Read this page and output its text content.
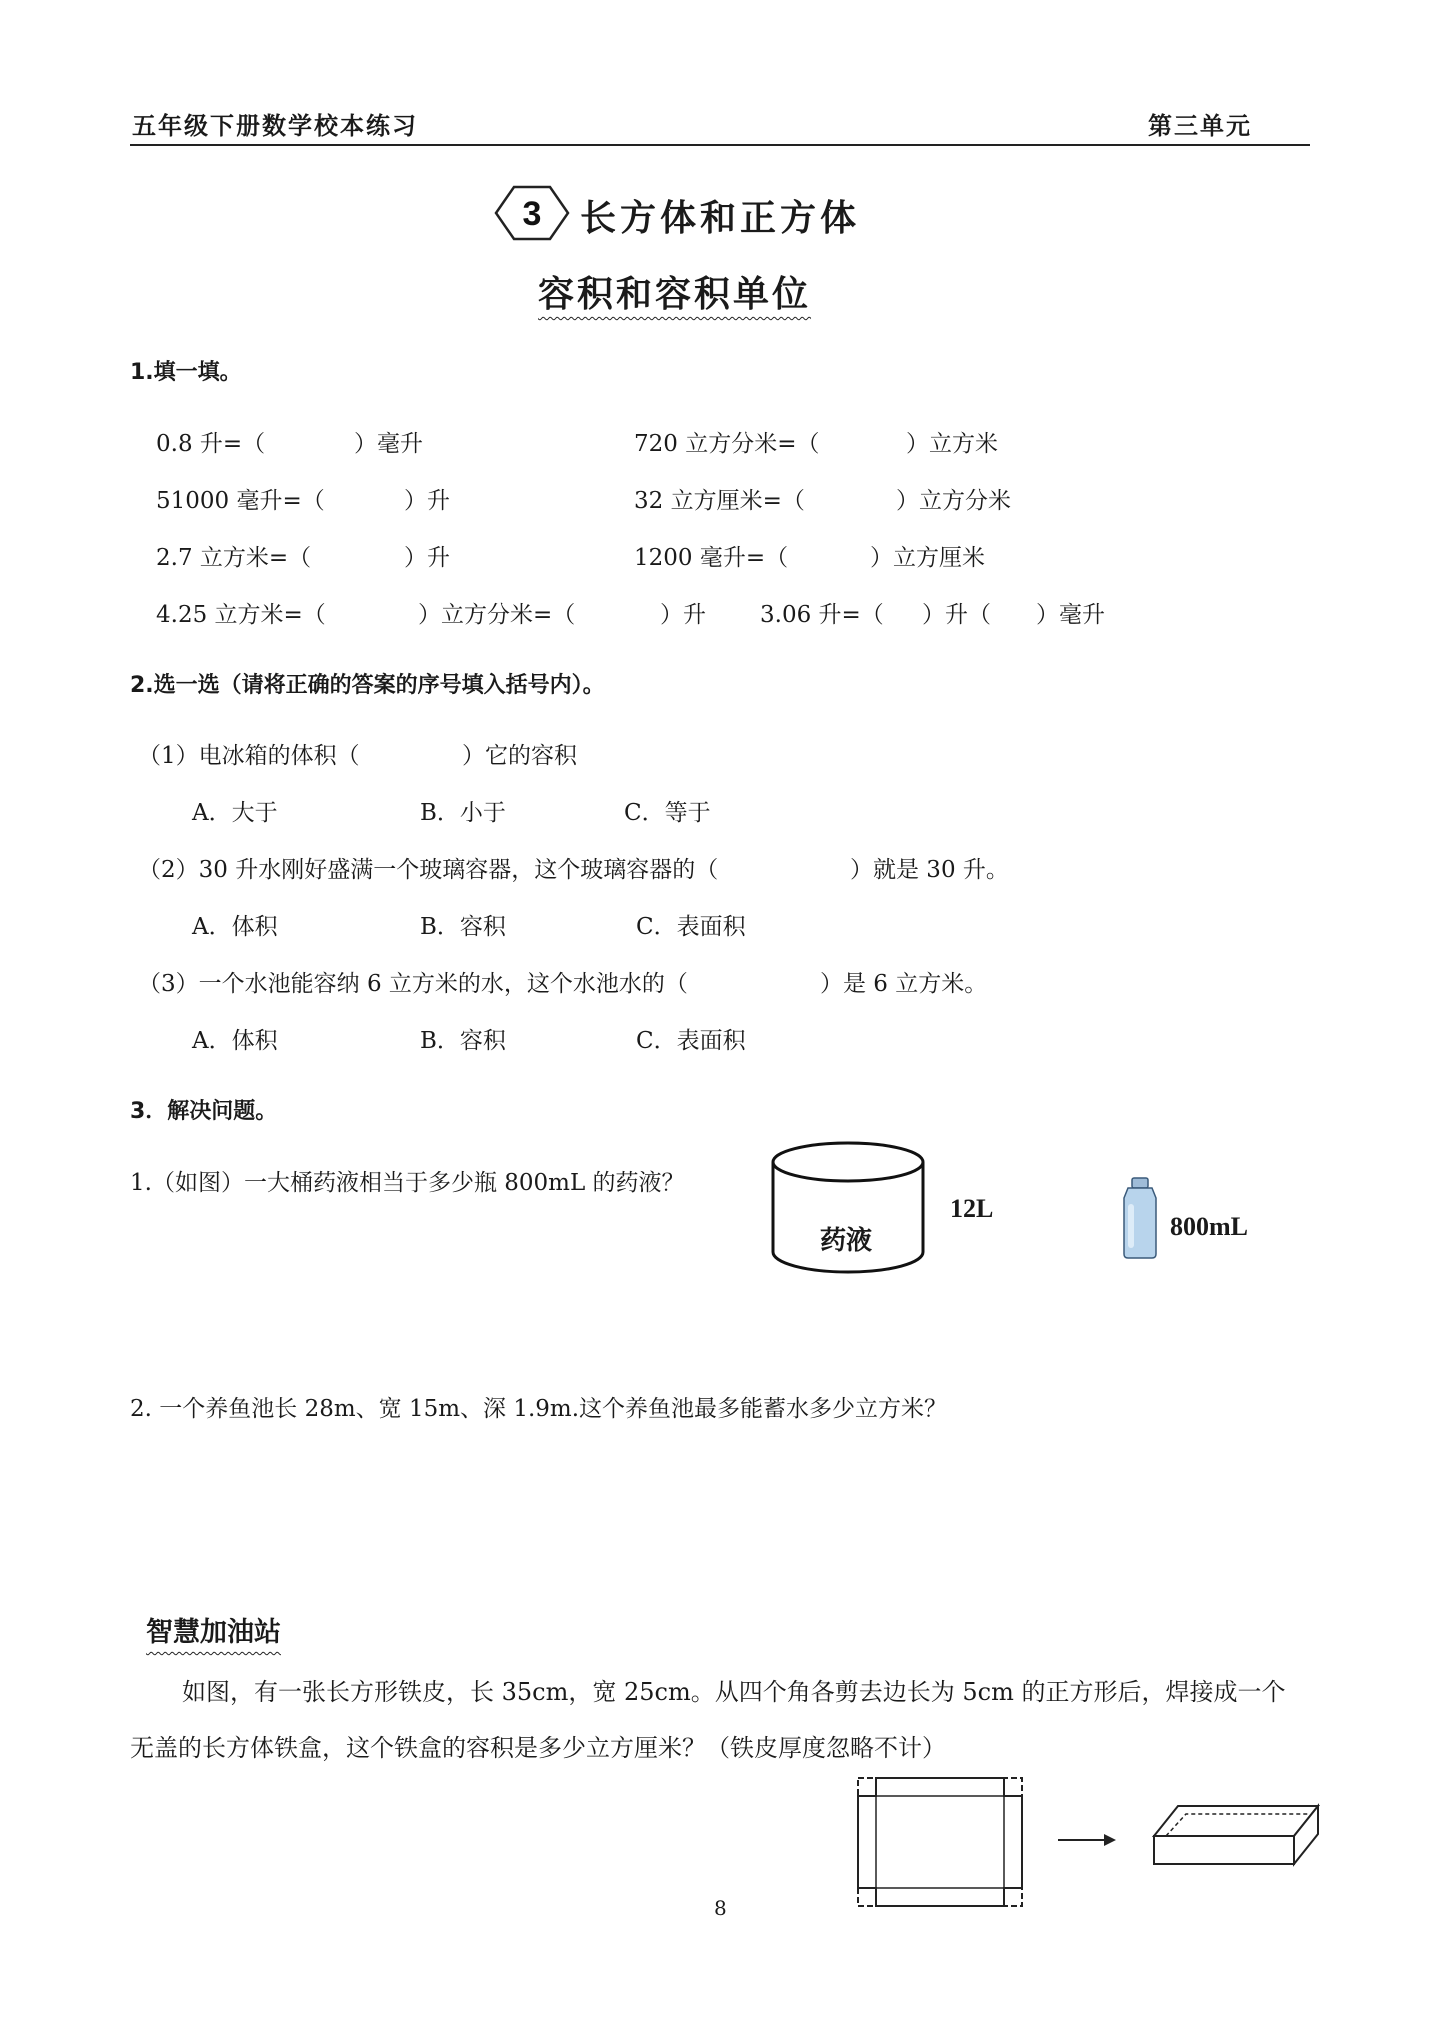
五年级下册数学校本练习	第三单元
3 长方体和正方体
容积和容积单位
1.填一填。
0.8 升=（	）毫升	720 立方分米=（	）立方米
51000 毫升=（	）升	32 立方厘米=（	）立方分米
2.7 立方米=（	）升	1200 毫升=（	）立方厘米
4.25 立方米=（	）立方分米=（	）升 3.06 升=（ ）升（ ）毫升
2.选一选（请将正确的答案的序号填入括号内）。
（1）电冰箱的体积（	）它的容积
A．大于	B．小于	C．等于
（2）30 升水刚好盛满一个玻璃容器，这个玻璃容器的（	）就是 30 升。
A．体积	B．容积	C．表面积
（3）一个水池能容纳 6 立方米的水，这个水池水的（	）是 6 立方米。
A．体积	B．容积	C．表面积
3．解决问题。
1.（如图）一大桶药液相当于多少瓶 800mL 的药液？
药液
12L
800mL
2. 一个养鱼池长 28m、宽 15m、深 1.9m.这个养鱼池最多能蓄水多少立方米？
智慧加油站
如图，有一张长方形铁皮，长 35cm，宽 25cm。从四个角各剪去边长为 5cm 的正方形后，焊接成一个
无盖的长方体铁盒，这个铁盒的容积是多少立方厘米？（铁皮厚度忽略不计）
8
